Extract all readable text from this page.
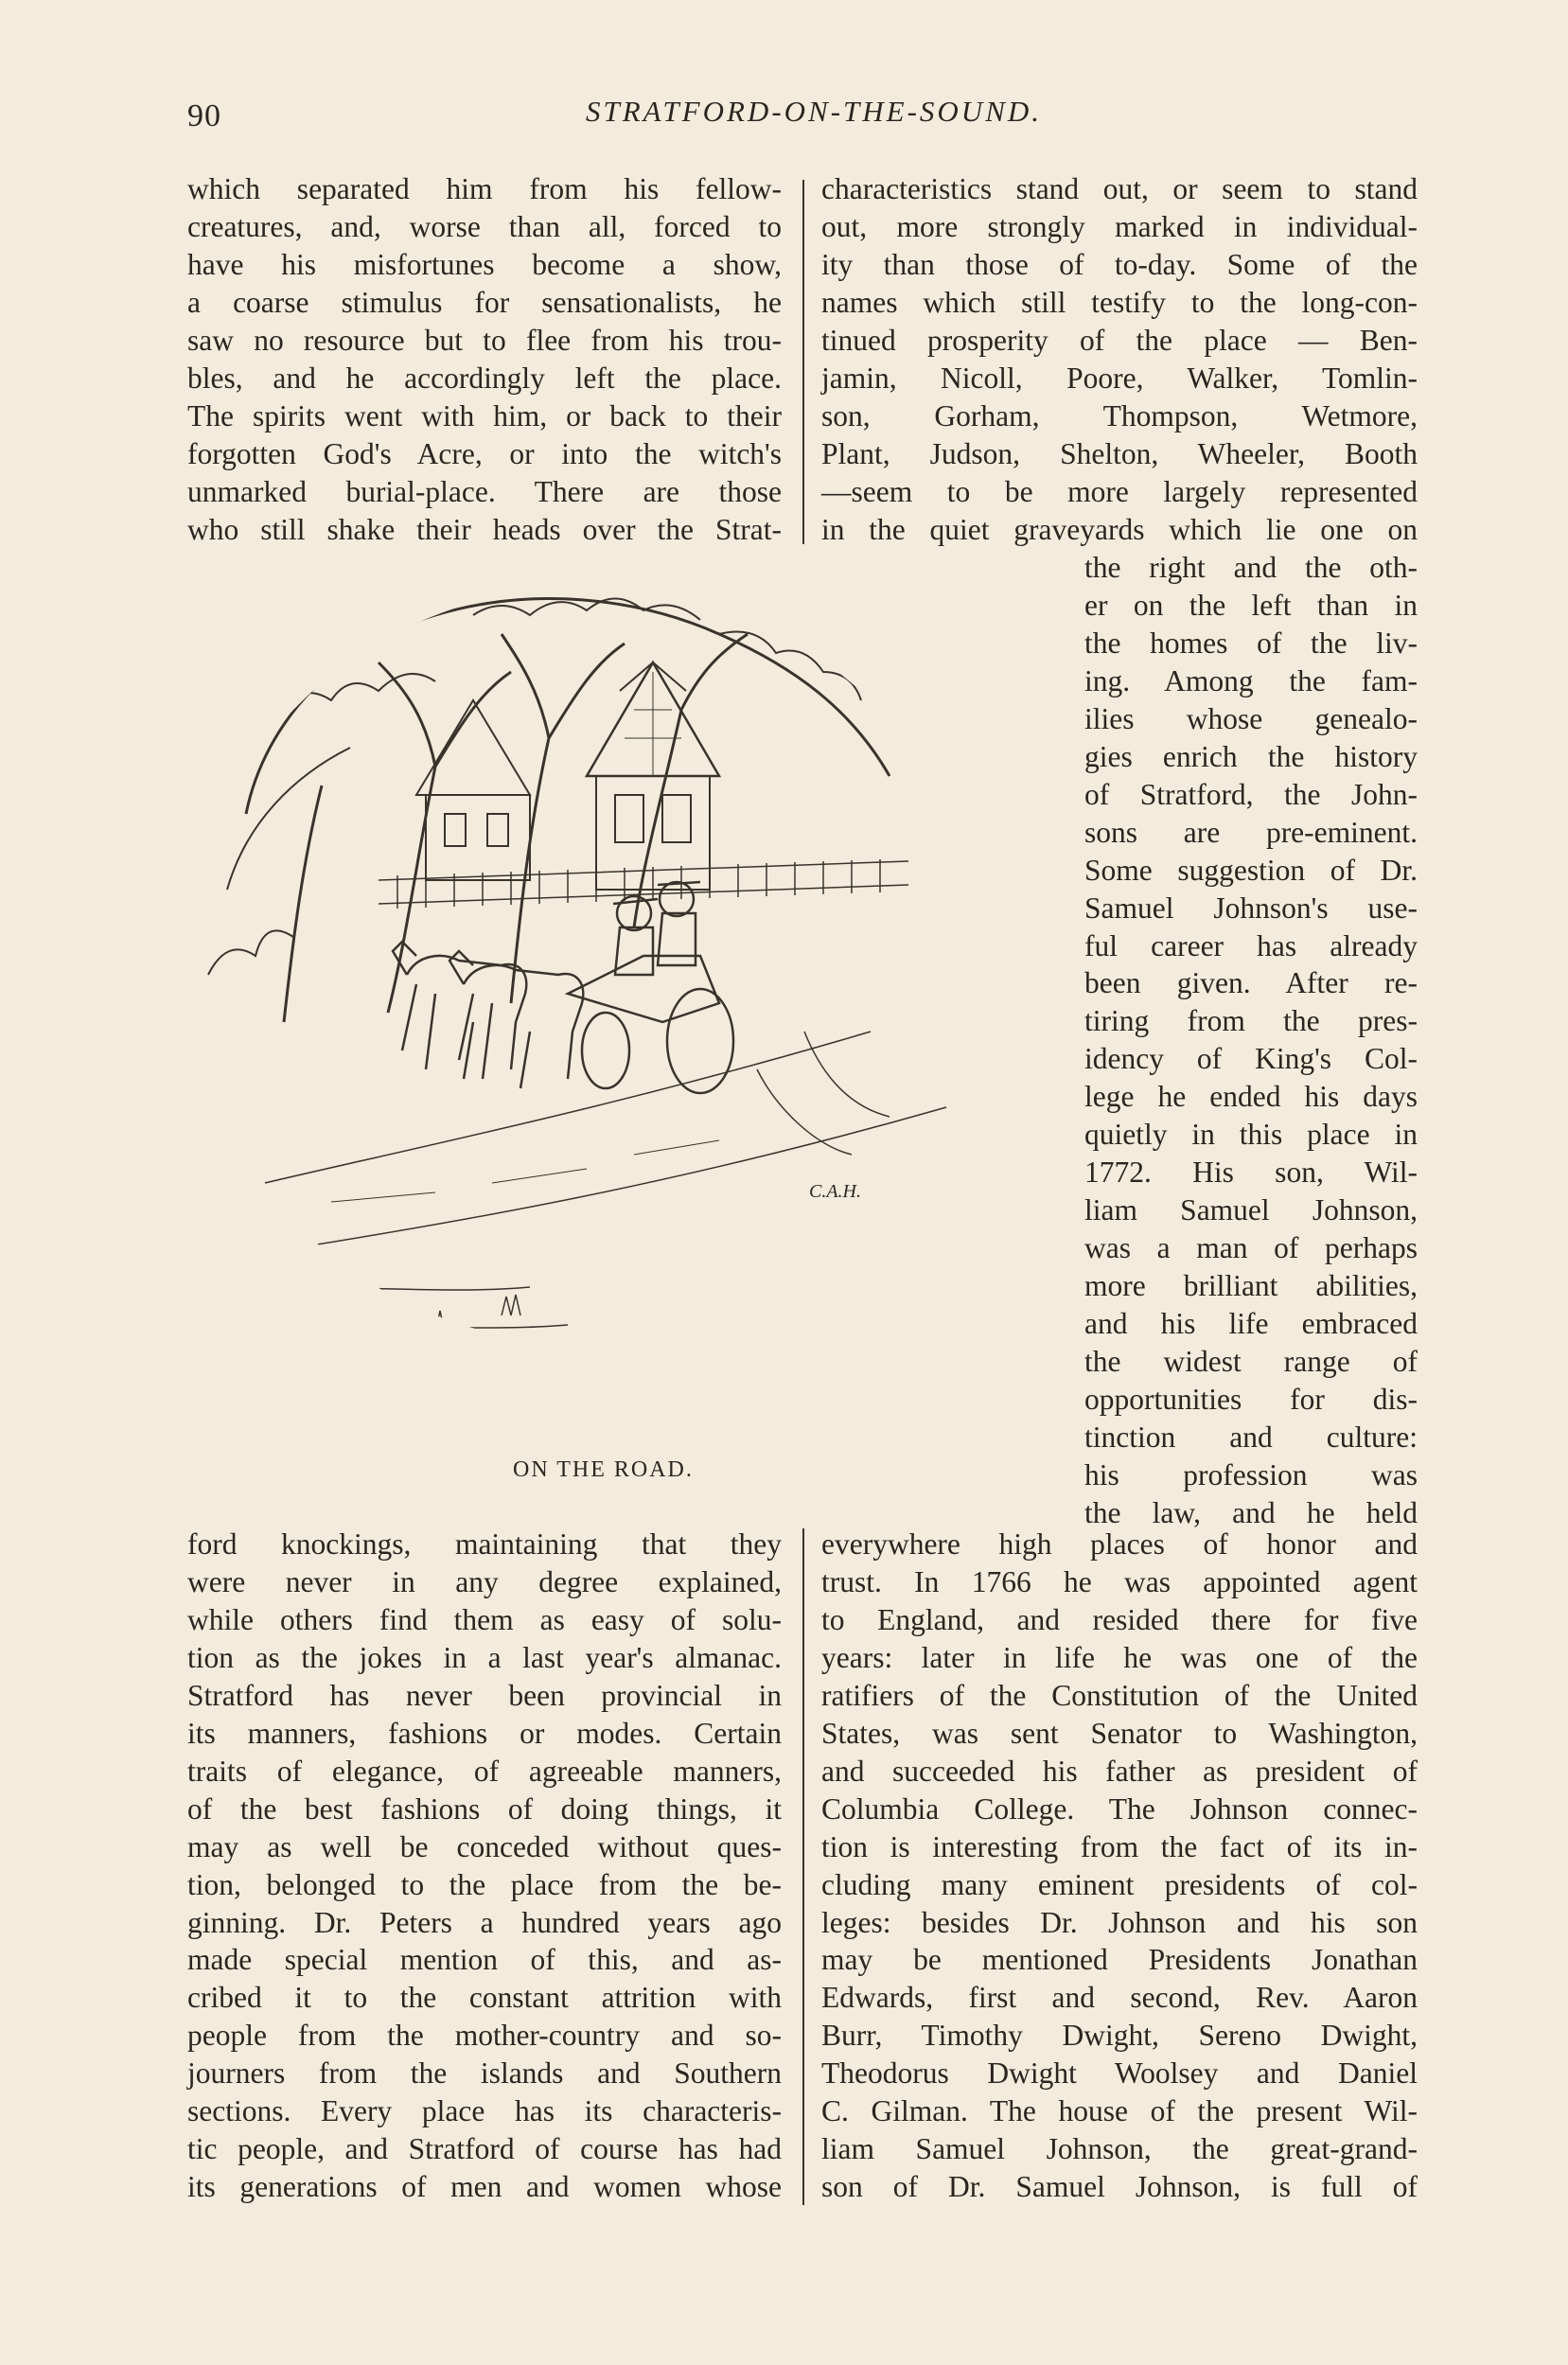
90	STRATFORD-ON-THE-SOUND.
C.A.H.
ON THE ROAD.
which separated him from his fellow-
creatures, and, worse than all, forced to
have his misfortunes become a show,
a coarse stimulus for sensationalists, he
saw no resource but to flee from his trou-
bles, and he accordingly left the place.
The spirits went with him, or back to their
forgotten God's Acre, or into the witch's
unmarked burial-place. There are those
who still shake their heads over the Strat-
characteristics stand out, or seem to stand
out, more strongly marked in individual-
ity than those of to-day. Some of the
names which still testify to the long-con-
tinued prosperity of the place — Ben-
jamin, Nicoll, Poore, Walker, Tomlin-
son, Gorham, Thompson, Wetmore,
Plant, Judson, Shelton, Wheeler, Booth
—seem to be more largely represented
in the quiet graveyards which lie one on
the right and the oth-
er on the left than in
the homes of the liv-
ing. Among the fam-
ilies whose genealo-
gies enrich the history
of Stratford, the John-
sons are pre-eminent.
Some suggestion of Dr.
Samuel Johnson's use-
ful career has already
been given. After re-
tiring from the pres-
idency of King's Col-
lege he ended his days
quietly in this place in
1772. His son, Wil-
liam Samuel Johnson,
was a man of perhaps
more brilliant abilities,
and his life embraced
the widest range of
opportunities for dis-
tinction and culture:
his profession was
the law, and he held
ford knockings, maintaining that they
were never in any degree explained,
while others find them as easy of solu-
tion as the jokes in a last year's almanac.
Stratford has never been provincial in
its manners, fashions or modes. Certain
traits of elegance, of agreeable manners,
of the best fashions of doing things, it
may as well be conceded without ques-
tion, belonged to the place from the be-
ginning. Dr. Peters a hundred years ago
made special mention of this, and as-
cribed it to the constant attrition with
people from the mother-country and so-
journers from the islands and Southern
sections. Every place has its characteris-
tic people, and Stratford of course has had
its generations of men and women whose
everywhere high places of honor and
trust. In 1766 he was appointed agent
to England, and resided there for five
years: later in life he was one of the
ratifiers of the Constitution of the United
States, was sent Senator to Washington,
and succeeded his father as president of
Columbia College. The Johnson connec-
tion is interesting from the fact of its in-
cluding many eminent presidents of col-
leges: besides Dr. Johnson and his son
may be mentioned Presidents Jonathan
Edwards, first and second, Rev. Aaron
Burr, Timothy Dwight, Sereno Dwight,
Theodorus Dwight Woolsey and Daniel
C. Gilman. The house of the present Wil-
liam Samuel Johnson, the great-grand-
son of Dr. Samuel Johnson, is full of
